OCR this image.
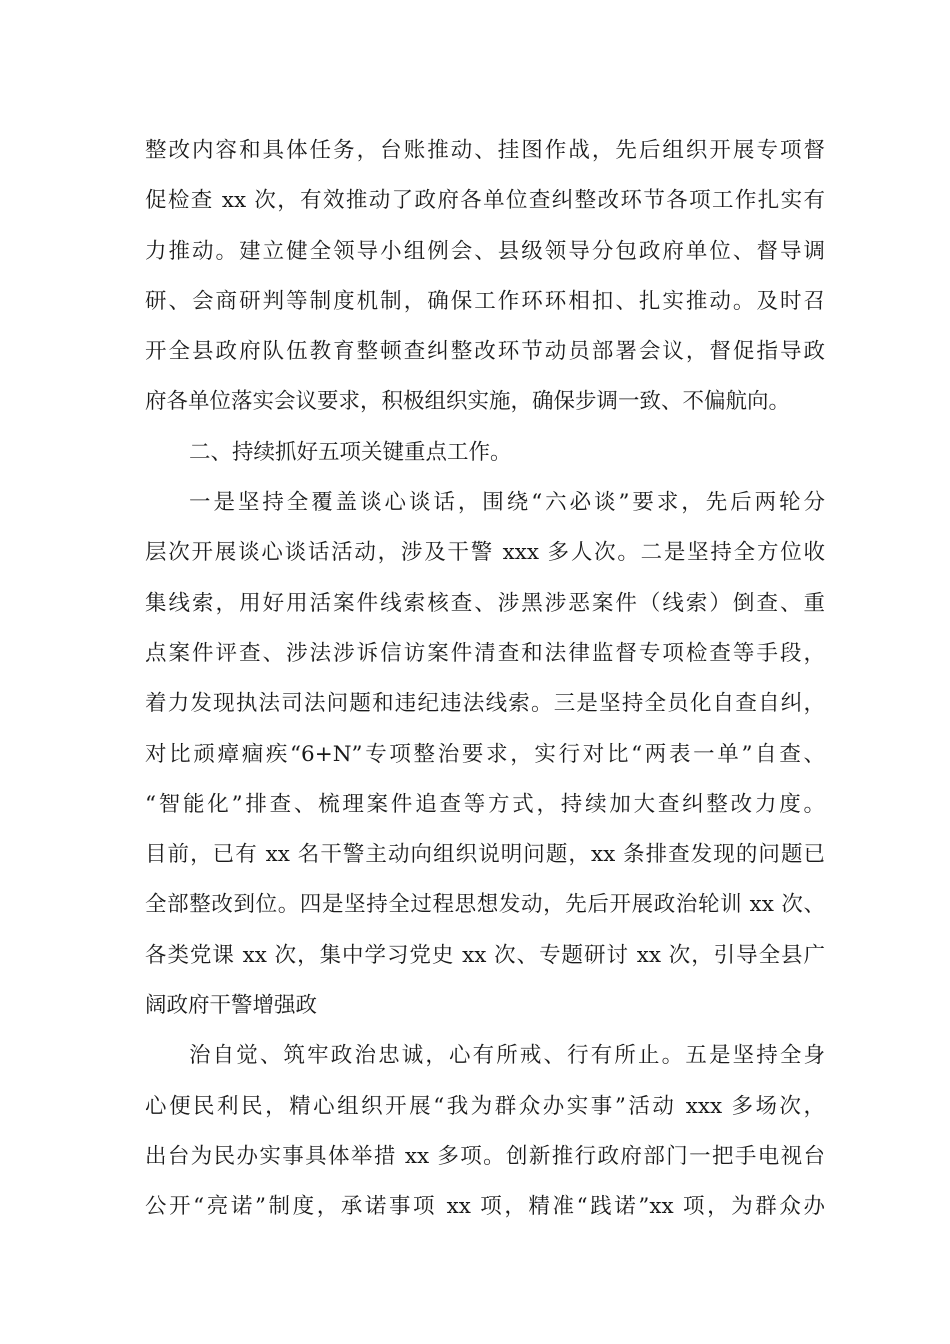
整改内容和具体任务，台账推动、挂图作战，先后组织开展专项督
促检查 xx 次，有效推动了政府各单位查纠整改环节各项工作扎实有
力推动。建立健全领导小组例会、县级领导分包政府单位、督导调
研、会商研判等制度机制，确保工作环环相扣、扎实推动。及时召
开全县政府队伍教育整顿查纠整改环节动员部署会议，督促指导政
府各单位落实会议要求，积极组织实施，确保步调一致、不偏航向。
二、持续抓好五项关键重点工作。
一是坚持全覆盖谈心谈话，围绕“六必谈”要求，先后两轮分
层次开展谈心谈话活动，涉及干警 xxx 多人次。二是坚持全方位收
集线索，用好用活案件线索核查、涉黑涉恶案件（线索）倒查、重
点案件评查、涉法涉诉信访案件清查和法律监督专项检查等手段，
着力发现执法司法问题和违纪违法线索。三是坚持全员化自查自纠，
对比顽瘴痼疾“6+N”专项整治要求，实行对比“两表一单”自查、
“智能化”排查、梳理案件追查等方式，持续加大查纠整改力度。
目前，已有 xx 名干警主动向组织说明问题，xx 条排查发现的问题已
全部整改到位。四是坚持全过程思想发动，先后开展政治轮训 xx 次、
各类党课 xx 次，集中学习党史 xx 次、专题研讨 xx 次，引导全县广
阔政府干警增强政
治自觉、筑牢政治忠诚，心有所戒、行有所止。五是坚持全身
心便民利民，精心组织开展“我为群众办实事”活动 xxx 多场次，
出台为民办实事具体举措 xx 多项。创新推行政府部门一把手电视台
公开“亮诺”制度，承诺事项 xx 项，精准“践诺”xx 项，为群众办
